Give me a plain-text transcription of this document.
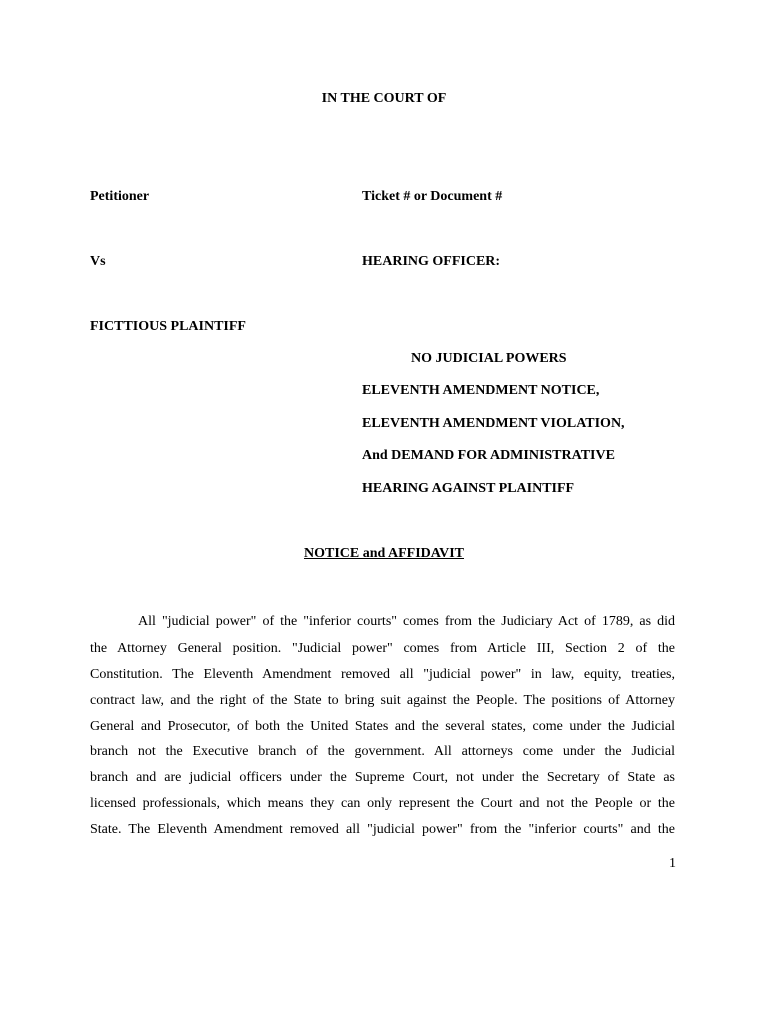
IN THE COURT OF
Petitioner	Ticket # or Document #
Vs	HEARING OFFICER:
FICTTIOUS PLAINTIFF
NO JUDICIAL POWERS
ELEVENTH AMENDMENT NOTICE,
ELEVENTH AMENDMENT VIOLATION,
And DEMAND FOR ADMINISTRATIVE
HEARING AGAINST PLAINTIFF
NOTICE and AFFIDAVIT
All "judicial power" of the "inferior courts" comes from the Judiciary Act of 1789, as did
the Attorney General position. "Judicial power" comes from Article III, Section 2 of the
Constitution. The Eleventh Amendment removed all "judicial power" in law, equity, treaties,
contract law, and the right of the State to bring suit against the People. The positions of Attorney
General and Prosecutor, of both the United States and the several states, come under the Judicial
branch not the Executive branch of the government. All attorneys come under the Judicial
branch and are judicial officers under the Supreme Court, not under the Secretary of State as
licensed professionals, which means they can only represent the Court and not the People or the
State. The Eleventh Amendment removed all "judicial power" from the "inferior courts" and the
1
